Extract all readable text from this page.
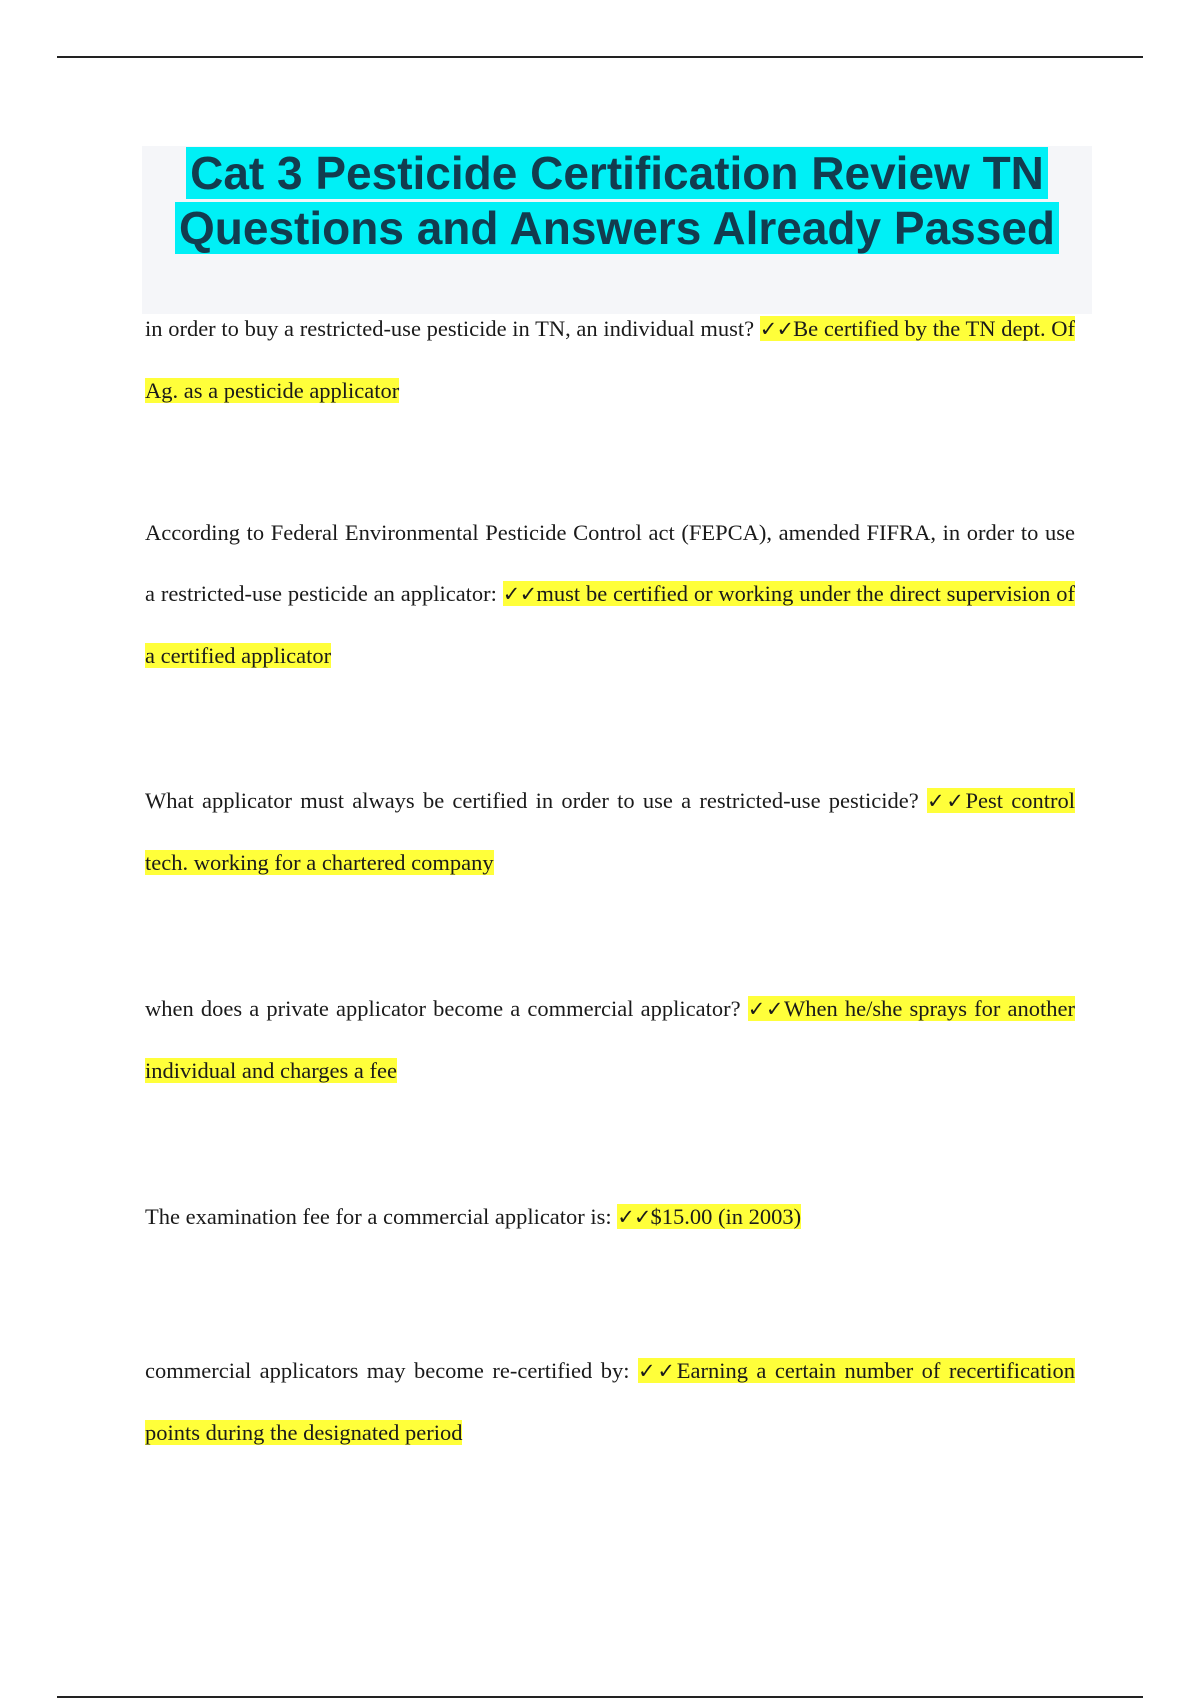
Cat 3 Pesticide Certification Review TN Questions and Answers Already Passed

in order to buy a restricted-use pesticide in TN, an individual must? ✓✓Be certified by the TN dept. Of Ag. as a pesticide applicator

According to Federal Environmental Pesticide Control act (FEPCA), amended FIFRA, in order to use a restricted-use pesticide an applicator: ✓✓must be certified or working under the direct supervision of a certified applicator

What applicator must always be certified in order to use a restricted-use pesticide? ✓✓Pest control tech. working for a chartered company

when does a private applicator become a commercial applicator? ✓✓When he/she sprays for another individual and charges a fee

The examination fee for a commercial applicator is: ✓✓$15.00 (in 2003)

commercial applicators may become re-certified by: ✓✓Earning a certain number of recertification points during the designated period
